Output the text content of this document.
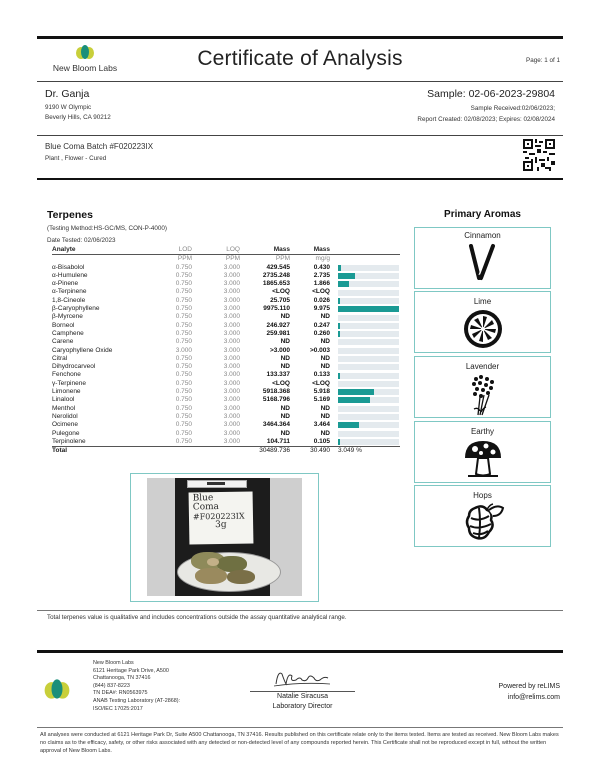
New Bloom Labs	Certificate of Analysis	Page: 1 of 1
Dr. Ganja
9190 W Olympic
Beverly Hills, CA 90212
Sample: 02-06-2023-29804
Sample Received:02/06/2023;
Report Created: 02/08/2023; Expires: 02/08/2024
Blue Coma Batch #F020223IX
Plant , Flower - Cured
Terpenes
(Testing Method:HS-GC/MS, CON-P-4000)
Date Tested: 02/06/2023
Analyte	LOD	LOQ	Mass	Mass	
	PPM	PPM	PPM	mg/g	
α-Bisabolol	0.750	3.000	429.545	0.430	

α-Humulene	0.750	3.000	2735.248	2.735	

α-Pinene	0.750	3.000	1865.653	1.866	

α-Terpinene	0.750	3.000	<LOQ	<LOQ	

1,8-Cineole	0.750	3.000	25.705	0.026	

β-Caryophyllene	0.750	3.000	9975.110	9.975	

β-Myrcene	0.750	3.000	ND	ND	

Borneol	0.750	3.000	246.927	0.247	

Camphene	0.750	3.000	259.981	0.260	

Carene	0.750	3.000	ND	ND	

Caryophyllene Oxide	3.000	3.000	>3.000	>0.003	

Citral	0.750	3.000	ND	ND	

Dihydrocarveol	0.750	3.000	ND	ND	

Fenchone	0.750	3.000	133.337	0.133	

γ-Terpinene	0.750	3.000	<LOQ	<LOQ	

Limonene	0.750	3.000	5918.368	5.918	

Linalool	0.750	3.000	5168.796	5.169	

Menthol	0.750	3.000	ND	ND	

Nerolidol	0.750	3.000	ND	ND	

Ocimene	0.750	3.000	3464.364	3.464	

Pulegone	0.750	3.000	ND	ND	

Terpinolene	0.750	3.000	104.711	0.105	

Total			30489.736	30.490	3.049 %
Blue
Coma
#F020223IX
3g
Primary Aromas
Cinnamon
Lime
Lavender
Earthy
Hops
Total terpenes value is qualitative and includes concentrations outside the assay quantitative analytical range.
New Bloom Labs
6121 Heritage Park Drive, A500
Chattanooga, TN 37416
(844) 837-8223
TN DEA#: RN0563975
ANAB Testing Laboratory (AT-2868):
ISO/IEC 17025:2017
Natalie Siracusa
Laboratory Director
Powered by reLIMS
info@relims.com
All analyses were conducted at 6121 Heritage Park Dr, Suite A500 Chattanooga, TN 37416. Results published on this certificate relate only to the items tested. Items are tested as received. New Bloom Labs makes no claims as to the efficacy, safety, or other risks associated with any detected or non-detected level of any compounds reported herein. This Certificate shall not be reproduced except in full, without the written approval of New Bloom Labs.
